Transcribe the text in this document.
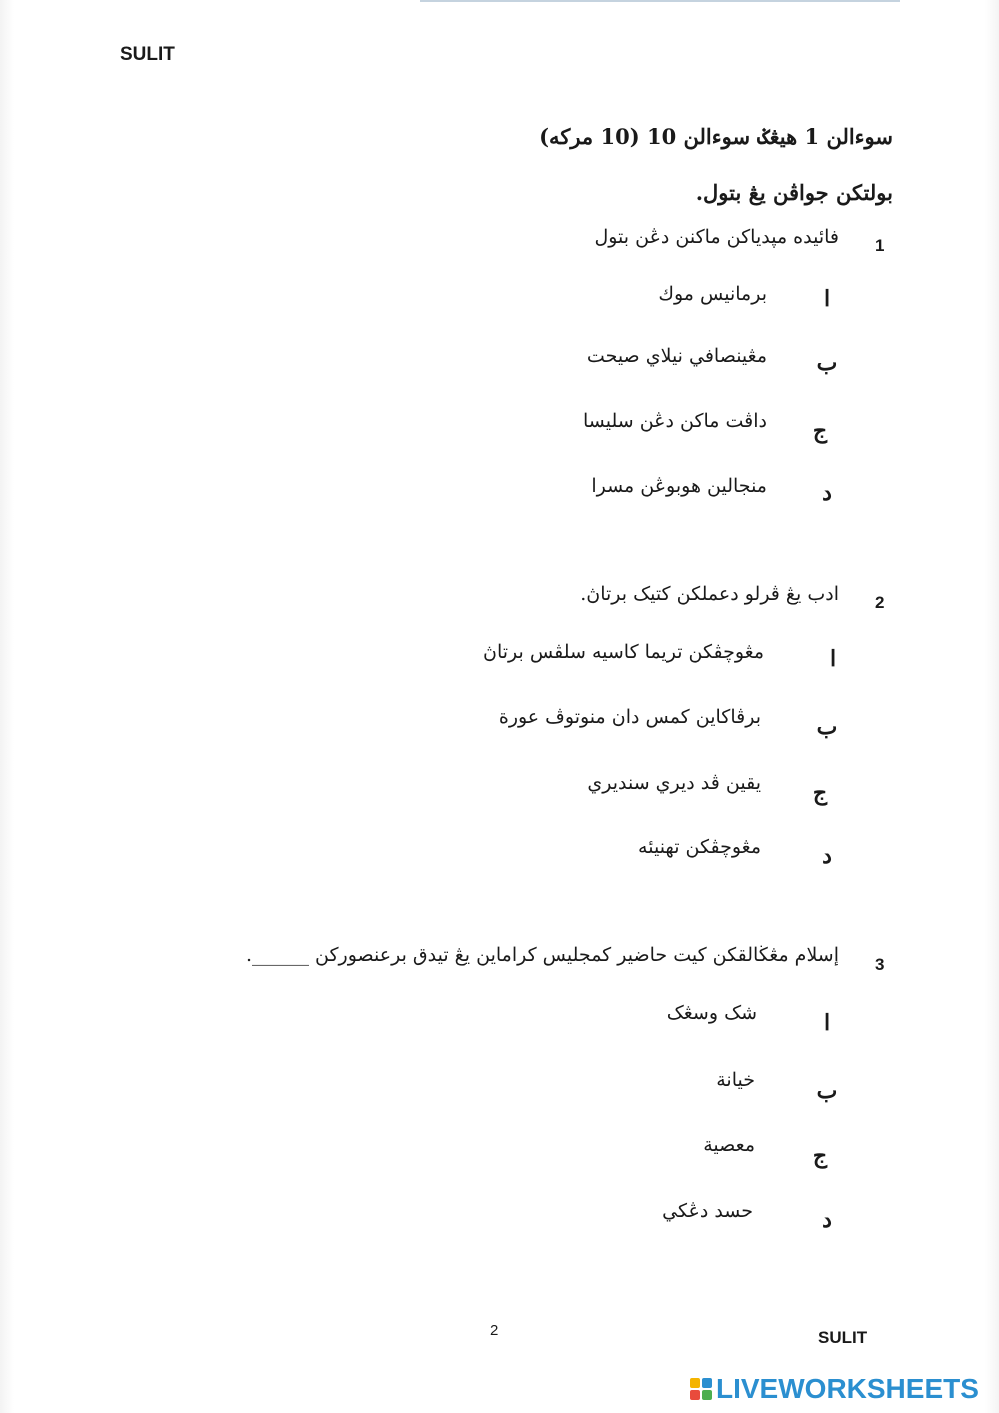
SULIT
سوءالن 1 هيڠݢ سوءالن 10 (10 مركه)
بولتكن جواڤن يڠ بتول.
1
فائيده مڽدياكن ماكنن دڠن بتول
ا
برمانيس موك
ب
مڠينصافي نيلاي صيحت
ج
داڤت ماكن دڠن سليسا
د
منجالين هوبوڠن مسرا
2
ادب يڠ ڤرلو دعملكن كتيک برتاڽ.
ا
مڠوچڤكن تريما كاسيه سلڤس برتاڽ
ب
برڤاكاين كمس دان منوتوڤ عورة
ج
يقين ڤد ديري سنديري
د
مڠوچڤكن تهنيئه
3
إسلام مڠڬالقكن كيت حاضير كمجليس كراماين يڠ تيدق برعنصوركن ______.
ا
شک وسڠک
ب
خيانة
ج
معصية
د
حسد دڠكي
2	SULIT
LIVEWORKSHEETS
